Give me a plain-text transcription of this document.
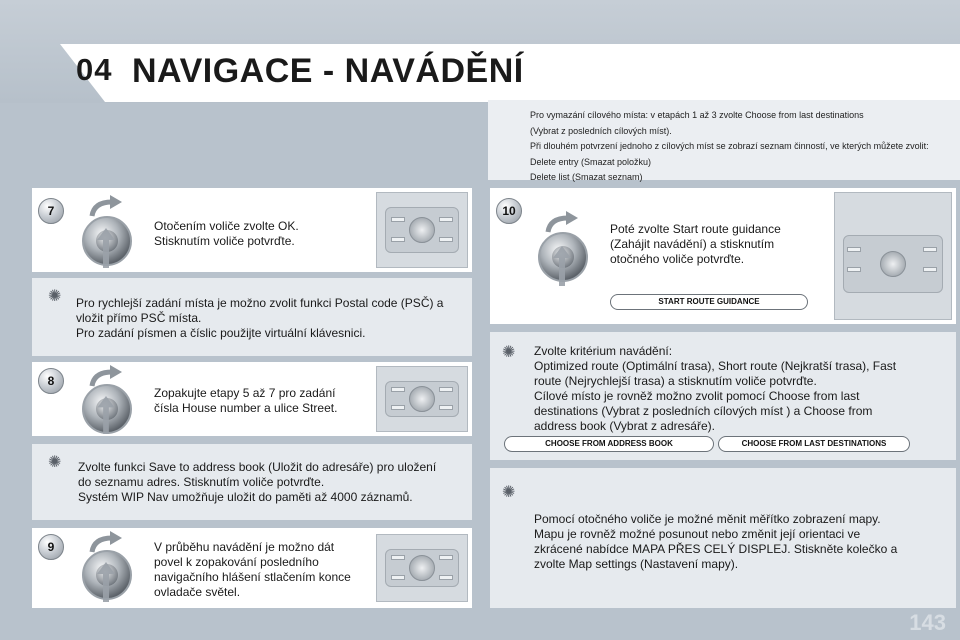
04 NAVIGACE - NAVÁDĚNÍ
Pro vymazání cílového místa: v etapách 1 až 3 zvolte Choose from last destinations
(Vybrat z posledních cílových míst).
Při dlouhém potvrzení jednoho z cílových míst se zobrazí seznam činností, ve kterých můžete zvolit:
Delete entry (Smazat položku)
Delete list (Smazat seznam)
7
Otočením voliče zvolte OK.
Stisknutím voliče potvrďte.
✺ Pro rychlejší zadání místa je možno zvolit funkci Postal code (PSČ) a
vložit přímo PSČ místa.
Pro zadání písmen a číslic použijte virtuální klávesnici.
8
Zopakujte etapy 5 až 7 pro zadání
čísla House number a ulice Street.
✺ Zvolte funkci Save to address book (Uložit do adresáře) pro uložení
do seznamu adres. Stisknutím voliče potvrďte.
Systém WIP Nav umožňuje uložit do paměti až 4000 záznamů.
9	V průběhu navádění je možno dát
povel k zopakování posledního
navigačního hlášení stlačením konce
ovladače světel.
10
Poté zvolte Start route guidance
(Zahájit navádění) a stisknutím
otočného voliče potvrďte.
START ROUTE GUIDANCE
✺ Zvolte kritérium navádění:
Optimized route (Optimální trasa), Short route (Nejkratší trasa), Fast
route (Nejrychlejší trasa) a stisknutím voliče potvrďte.
Cílové místo je rovněž možno zvolit pomocí Choose from last
destinations (Vybrat z posledních cílových míst ) a Choose from
address book (Vybrat z adresáře).
CHOOSE FROM ADDRESS BOOK	CHOOSE FROM LAST DESTINATIONS
✺
Pomocí otočného voliče je možné měnit měřítko zobrazení mapy.
Mapu je rovněž možné posunout nebo změnit její orientaci ve
zkrácené nabídce MAPA PŘES CELÝ DISPLEJ. Stiskněte kolečko a
zvolte Map settings (Nastavení mapy).
143
